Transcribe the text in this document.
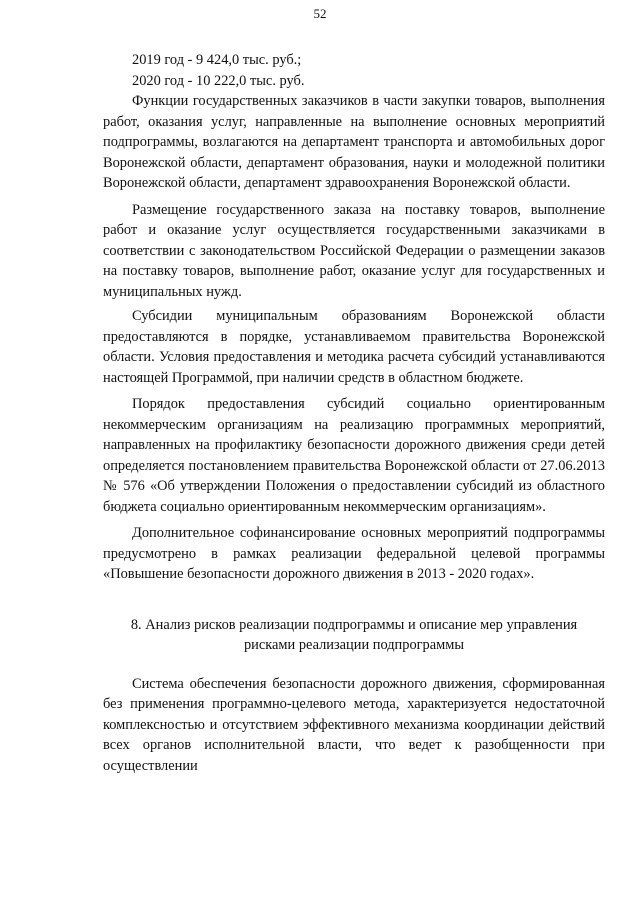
52
2019 год - 9 424,0 тыс. руб.;
2020 год - 10 222,0 тыс. руб.

Функции государственных заказчиков в части закупки товаров, выполнения работ, оказания услуг, направленные на выполнение основных мероприятий подпрограммы, возлагаются на департамент транспорта и автомобильных дорог Воронежской области, департамент образования, науки и молодежной политики Воронежской области, департамент здравоохранения Воронежской области.

Размещение государственного заказа на поставку товаров, выполнение работ и оказание услуг осуществляется государственными заказчиками в соответствии с законодательством Российской Федерации о размещении заказов на поставку товаров, выполнение работ, оказание услуг для государственных и муниципальных нужд.

Субсидии муниципальным образованиям Воронежской области предоставляются в порядке, устанавливаемом правительства Воронежской области. Условия предоставления и методика расчета субсидий устанавливаются настоящей Программой, при наличии средств в областном бюджете.

Порядок предоставления субсидий социально ориентированным некоммерческим организациям на реализацию программных мероприятий, направленных на профилактику безопасности дорожного движения среди детей определяется постановлением правительства Воронежской области от 27.06.2013 № 576 «Об утверждении Положения о предоставлении субсидий из областного бюджета социально ориентированным некоммерческим организациям».

Дополнительное софинансирование основных мероприятий подпрограммы предусмотрено в рамках реализации федеральной целевой программы «Повышение безопасности дорожного движения в 2013 - 2020 годах».

8. Анализ рисков реализации подпрограммы и описание мер управления
рисками реализации подпрограммы

Система обеспечения безопасности дорожного движения, сформированная без применения программно-целевого метода, характеризуется недостаточной комплексностью и отсутствием эффективного механизма координации действий всех органов исполнительной власти, что ведет к разобщенности при осуществлении
